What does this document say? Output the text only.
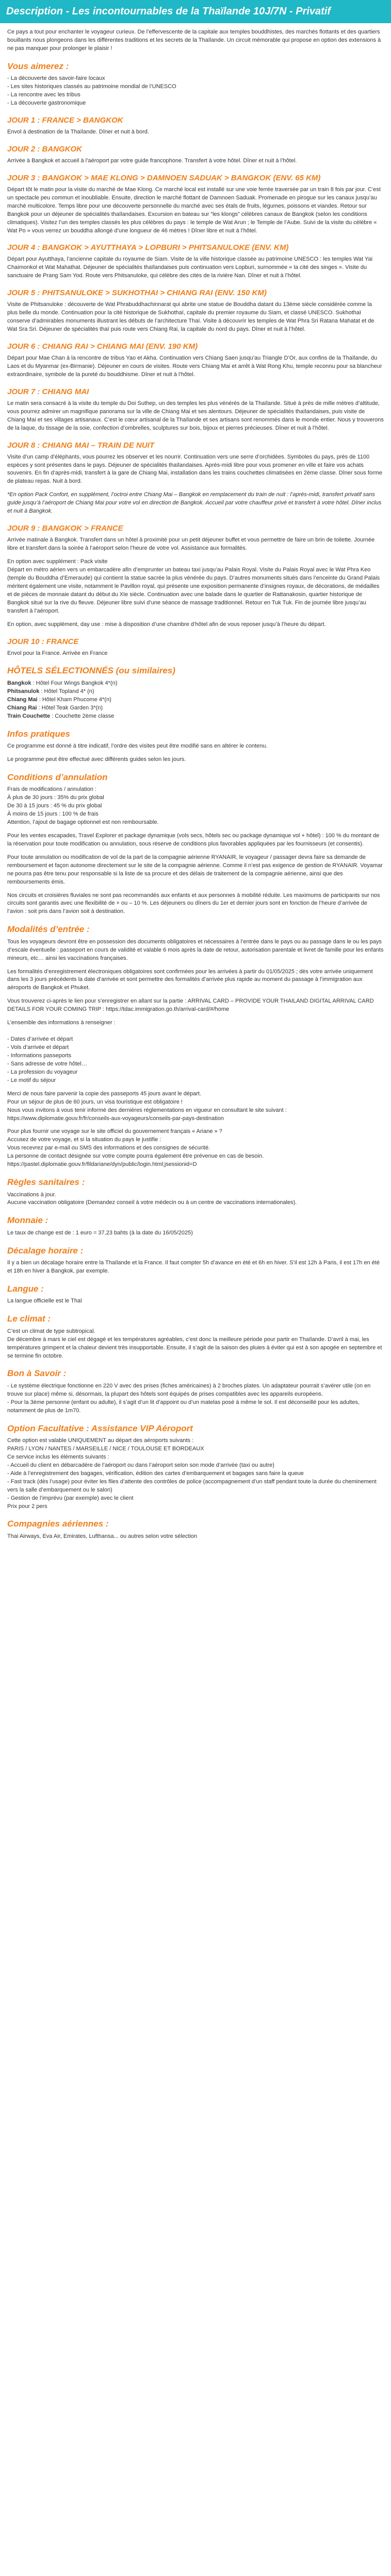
Description - Les incontournables de la Thaïlande 10J/7N - Privatif

Ce pays a tout pour enchanter le voyageur curieux. De l’effervescente de la capitale aux temples bouddhistes, des marchés flottants et des quartiers bouillants nous plongeons dans les différentes traditions et les secrets de la Thaïlande. Un circuit mémorable qui propose en option des extensions à ne pas manquer pour prolonger le plaisir !

Vous aimerez :

- La découverte des savoir-faire locaux

- Les sites historiques classés au patrimoine mondial de l’UNESCO

- La rencontre avec les tribus

- La découverte gastronomique

JOUR 1 : FRANCE > BANGKOK

Envol à destination de la Thaïlande. Dîner et nuit à bord.

JOUR 2 : BANGKOK

Arrivée à Bangkok et accueil à l’aéroport par votre guide francophone. Transfert à votre hôtel. Dîner et nuit à l’hôtel.

JOUR 3 : BANGKOK > MAE KLONG > DAMNOEN SADUAK > BANGKOK (ENV. 65 KM)

Départ tôt le matin pour la visite du marché de Mae Klong. Ce marché local est installé sur une voie ferrée traversée par un train 8 fois par jour. C’est un spectacle peu commun et inoubliable. Ensuite, direction le marché flottant de Damnoen Saduak. Promenade en pirogue sur les canaux jusqu’au marché multicolore. Temps libre pour une découverte personnelle du marché avec ses étals de fruits, légumes, poissons et viandes. Retour sur Bangkok pour un déjeuner de spécialités thaïlandaises. Excursion en bateau sur “les klongs” célèbres canaux de Bangkok (selon les conditions climatiques). Visitez l’un des temples classés les plus célèbres du pays : le temple de Wat Arun ; le Temple de l’Aube. Suivi de la visite du célèbre « Wat Po » vous verrez un bouddha allongé d’une longueur de 46 mètres ! Dîner libre et nuit à l’hôtel.

JOUR 4 : BANGKOK > AYUTTHAYA > LOPBURI > PHITSANULOKE (ENV. KM)

Départ pour Ayutthaya, l’ancienne capitale du royaume de Siam. Visite de la ville historique classée au patrimoine UNESCO : les temples Wat Yai Chaimonkol et Wat Mahathat. Déjeuner de spécialités thaïlandaises puis continuation vers Lopburi, surnommée « la cité des singes ». Visite du sanctuaire de Prang Sam Yod. Route vers Phitsanuloke, qui célèbre des cités de la rivière Nan. Dîner et nuit à l’hôtel.

JOUR 5 : PHITSANULOKE > SUKHOTHAI > CHIANG RAI (ENV. 150 KM)

Visite de Phitsanuloke : découverte de Wat Phrabuddhachinnarat qui abrite une statue de Bouddha datant du 13ème siècle considérée comme la plus belle du monde. Continuation pour la cité historique de Sukhothaï, capitale du premier royaume du Siam, et classé UNESCO. Sukhothaï conserve d’admirables monuments illustrant les débuts de l’architecture Thaï. Visite à découvrir les temples de Wat Phra Sri Ratana Mahatat et de Wat Sra Sri. Déjeuner de spécialités thaï puis route vers Chiang Rai, la capitale du nord du pays. Dîner et nuit à l’hôtel.

JOUR 6 : CHIANG RAI > CHIANG MAI (ENV. 190 KM)

Départ pour Mae Chan à la rencontre de tribus Yao et Akha. Continuation vers Chiang Saen jusqu’au Triangle D’Or, aux confins de la Thaïlande, du Laos et du Myanmar (ex-Birmanie). Déjeuner en cours de visites. Route vers Chiang Mai et arrêt à Wat Rong Khu, temple reconnu pour sa blancheur extraordinaire, symbole de la pureté du bouddhisme. Dîner et nuit à l’hôtel.

JOUR 7 : CHIANG MAI

Le matin sera consacré à la visite du temple du Doi Suthep, un des temples les plus vénérés de la Thaïlande. Situé à près de mille mètres d’altitude, vous pourrez admirer un magnifique panorama sur la ville de Chiang Mai et ses alentours. Déjeuner de spécialités thaïlandaises, puis visite de Chiang Mai et ses villages artisanaux. C’est le cœur artisanal de la Thaïlande et ses artisans sont renommés dans le monde entier. Nous y trouverons de la laque, du tissage de la soie, confection d’ombrelles, sculptures sur bois, bijoux et pierres précieuses. Dîner et nuit à l’hôtel.

JOUR 8 : CHIANG MAI – TRAIN DE NUIT

Visite d’un camp d’éléphants, vous pourrez les observer et les nourrir. Continuation vers une serre d’orchidées. Symboles du pays, près de 1100 espèces y sont présentes dans le pays. Déjeuner de spécialités thaïlandaises. Après-midi libre pour vous promener en ville et faire vos achats souvenirs. En fin d’après-midi, transfert à la gare de Chiang Mai, installation dans les trains couchettes climatisées en 2ème classe. Dîner sous forme de plateau repas. Nuit à bord.

*En option Pack Confort, en supplément, l’octroi entre Chiang Mai – Bangkok en remplacement du train de nuit : l’après-midi, transfert privatif sans guide jusqu’à l’aéroport de Chiang Mai pour votre vol en direction de Bangkok. Accueil par votre chauffeur privé et transfert à votre hôtel. Dîner inclus et nuit à Bangkok.

JOUR 9 : BANGKOK > FRANCE

Arrivée matinale à Bangkok. Transfert dans un hôtel à proximité pour un petit déjeuner buffet et vous permettre de faire un brin de toilette. Journée libre et transfert dans la soirée à l’aéroport selon l’heure de votre vol. Assistance aux formalités.

En option avec supplément : Pack visite
Départ en métro aérien vers un embarcadère afin d’emprunter un bateau taxi jusqu’au Palais Royal. Visite du Palais Royal avec le Wat Phra Keo (temple du Bouddha d’Emeraude) qui contient la statue sacrée la plus vénérée du pays. D’autres monuments situés dans l’enceinte du Grand Palais méritent également une visite, notamment le Pavillon royal, qui présente une exposition permanente d’insignes royaux, de décorations, de médailles et de pièces de monnaie datant du début du XIe siècle. Continuation avec une balade dans le quartier de Rattanakosin, quartier historique de Bangkok situé sur la rive du fleuve. Déjeuner libre suivi d’une séance de massage traditionnel. Retour en Tuk Tuk. Fin de journée libre jusqu’au transfert à l’aéroport.

En option, avec supplément, day use : mise à disposition d’une chambre d’hôtel afin de vous reposer jusqu’à l’heure du départ.

JOUR 10 : FRANCE

Envol pour la France. Arrivée en France

HÔTELS SÉLECTIONNÉS (ou similaires)

Bangkok : Hôtel Four Wings Bangkok 4*(n)

Phitsanulok : Hôtel Topland 4* (n)

Chiang Mai : Hôtel Kham Phucome 4*(n)

Chiang Rai : Hôtel Teak Garden 3*(n)

Train Couchette : Couchette 2ème classe

Infos pratiques

Ce programme est donné à titre indicatif, l’ordre des visites peut être modifié sans en altérer le contenu.

Le programme peut être effectué avec différents guides selon les jours.

Conditions d’annulation

Frais de modifications / annulation :
À plus de 30 jours : 35% du prix global
De 30 à 15 jours : 45 % du prix global
À moins de 15 jours : 100 % de frais
Attention, l’ajout de bagage optionnel est non remboursable.

Pour les ventes escapades, Travel Explorer et package dynamique (vols secs, hôtels sec ou package dynamique vol + hôtel) : 100 % du montant de la réservation pour toute modification ou annulation, sous réserve de conditions plus favorables appliquées par les fournisseurs (et consentis).

Pour toute annulation ou modification de vol de la part de la compagnie aérienne RYANAIR, le voyageur / passager devra faire sa demande de remboursement et façon autonome directement sur le site de la compagnie aérienne. Comme il n’est pas exigence de gestion de RYANAIR. Voyamar ne pourra pas être tenu pour responsable si la liste de sa procure et des délais de traitement de la compagnie aérienne, ainsi que des remboursements émis.

Nos circuits et croisières fluviales ne sont pas recommandés aux enfants et aux personnes à mobilité réduite. Les maximums de participants sur nos circuits sont garantis avec une flexibilité de + ou – 10 %. Les déjeuners ou dîners du 1er et dernier jours sont en fonction de l’heure d’arrivée de l’avion : soit pris dans l’avion soit à destination.

Modalités d’entrée :

Tous les voyageurs devront être en possession des documents obligatoires et nécessaires à l’entrée dans le pays ou au passage dans le ou les pays d’escale éventuelle : passeport en cours de validité et valable 6 mois après la date de retour, autorisation parentale et livret de famille pour les enfants mineurs, etc… ainsi les vaccinations françaises.

Les formalités d’enregistrement électroniques obligatoires sont confirmées pour les arrivées à partir du 01/05/2025 ; dès votre arrivée uniquement dans les 3 jours précédents la date d’arrivée et sont permettre des formalités d’arrivée plus rapide au moment du passage à l’immigration aux aéroports de Bangkok et Phuket.

Vous trouverez ci-après le lien pour s’enregistrer en allant sur la partie : ARRIVAL CARD – PROVIDE YOUR THAILAND DIGITAL ARRIVAL CARD DETAILS FOR YOUR COMING TRIP : https://tdac.immigration.go.th/arrival-card/#/home

L’ensemble des informations à renseigner :

- Dates d’arrivée et départ
- Vols d’arrivée et départ
- Informations passeports
- Sans adresse de votre hôtel…
- La profession du voyageur
- Le motif du séjour

Merci de nous faire parvenir la copie des passeports 45 jours avant le départ.
Pour un séjour de plus de 60 jours, un visa touristique est obligatoire !
Nous vous invitons à vous tenir informé des dernières réglementations en vigueur en consultant le site suivant : https://www.diplomatie.gouv.fr/fr/conseils-aux-voyageurs/conseils-par-pays-destination

Pour plus fournir une voyage sur le site officiel du gouvernement français « Ariane » ?
Accusez de votre voyage, et si la situation du pays le justifie :
Vous recevrez par e-mail ou SMS des informations et des consignes de sécurité.
La personne de contact désignée sur votre compte pourra également être prévenue en cas de besoin.
https://pastel.diplomatie.gouv.fr/fildariane/dyn/public/login.html;jsessionid=D

Règles sanitaires :

Vaccinations à jour.
Aucune vaccination obligatoire (Demandez conseil à votre médecin ou à un centre de vaccinations internationales).

Monnaie :

Le taux de change est de : 1 euro = 37,23 bahts (à la date du 16/05/2025)

Décalage horaire :

Il y a bien un décalage horaire entre la Thaïlande et la France. Il faut compter 5h d’avance en été et 6h en hiver. S’il est 12h à Paris, il est 17h en été et 18h en hiver à Bangkok, par exemple.

Langue :

La langue officielle est le Thaï

Le climat :

C’est un climat de type subtropical.
De décembre à mars le ciel est dégagé et les températures agréables, c’est donc la meilleure période pour partir en Thaïlande. D’avril à mai, les températures grimpent et la chaleur devient très insupportable. Ensuite, il s’agit de la saison des pluies à éviter qui est à son apogée en septembre et se termine fin octobre.

Bon à Savoir :

- Le système électrique fonctionne en 220 V avec des prises (fiches américaines) à 2 broches plates. Un adaptateur pourrait s’avérer utile (on en trouve sur place) même si, désormais, la plupart des hôtels sont équipés de prises compatibles avec les appareils européens.
- Pour la 3ème personne (enfant ou adulte), il s’agit d’un lit d’appoint ou d’un matelas posé à même le sol. Il est déconseillé pour les adultes, notamment de plus de 1m70.

Option Facultative : Assistance VIP Aéroport

Cette option est valable UNIQUEMENT au départ des aéroports suivants :
PARIS / LYON / NANTES / MARSEILLE / NICE / TOULOUSE ET BORDEAUX
Ce service inclus les éléments suivants :
- Accueil du client en débarcadère de l’aéroport ou dans l’aéroport selon son mode d’arrivée (taxi ou autre)
- Aide à l’enregistrement des bagages, vérification, édition des cartes d’embarquement et bagages sans faire la queue
- Fast track (dès l’usage) pour éviter les files d’attente des contrôles de police (accompagnement d’un staff pendant toute la durée du cheminement vers la salle d’embarquement ou le salon)
- Gestion de l’imprévu (par exemple) avec le client
Prix pour 2 pers

Compagnies aériennes :

Thai Airways, Eva Air, Emirates, Lufthansa... ou autres selon votre sélection
